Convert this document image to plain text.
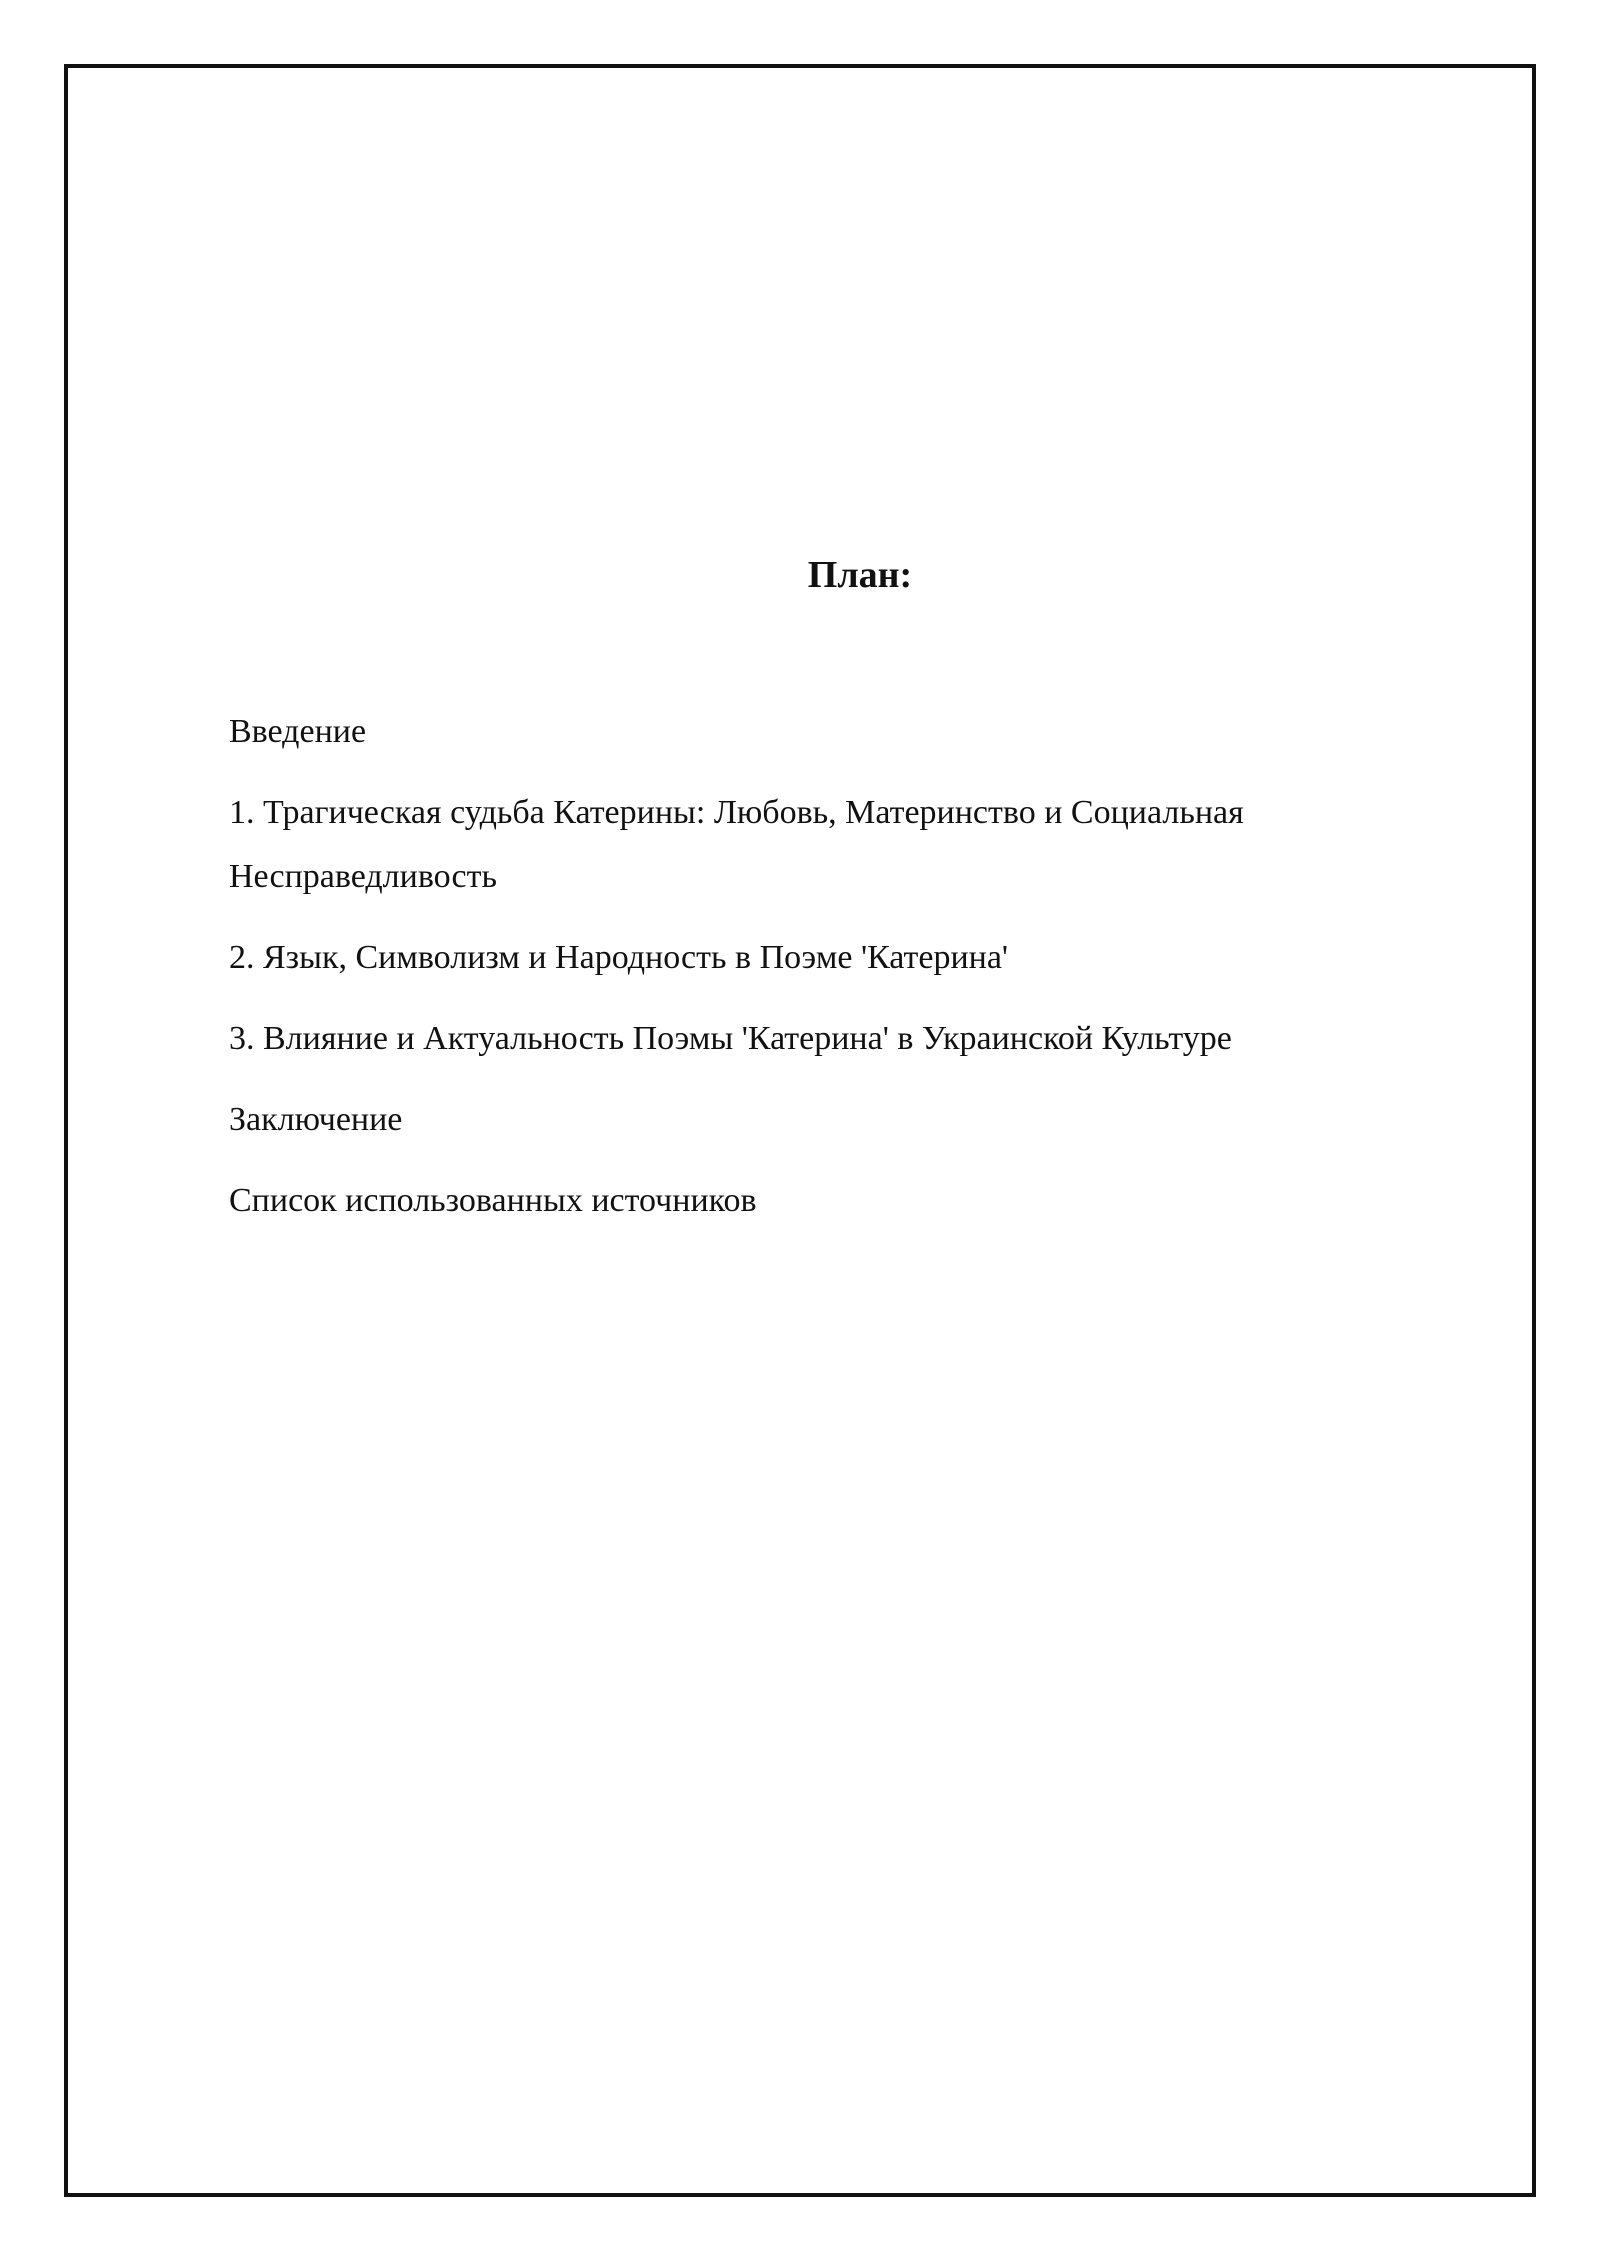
План:
Введение
1. Трагическая судьба Катерины: Любовь, Материнство и Социальная Несправедливость
2. Язык, Символизм и Народность в Поэме 'Катерина'
3. Влияние и Актуальность Поэмы 'Катерина' в Украинской Культуре
Заключение
Список использованных источников
